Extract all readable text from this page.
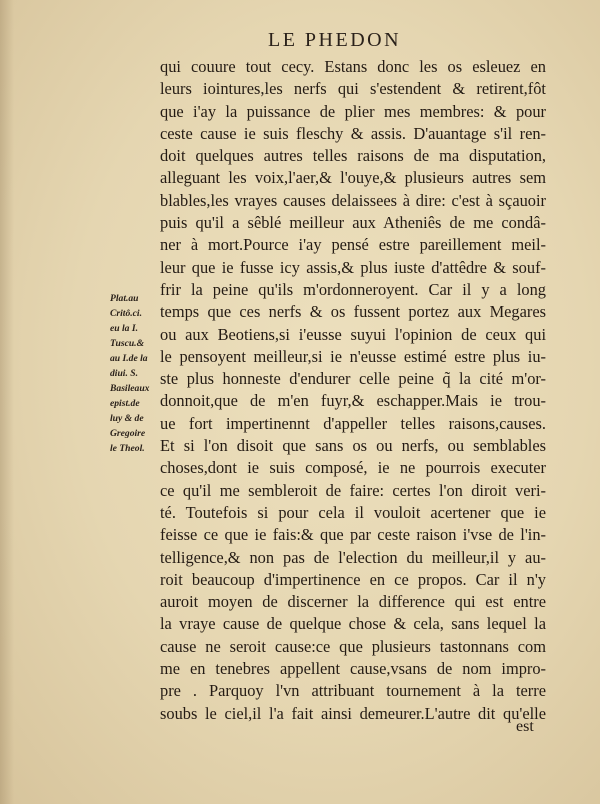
LE PHEDON
Plat.au
Critô.ci.
eu la I.
Tuscu.&
au I.de la
diui. S.
Basileaux
epist.de
luy & de
Gregoire
le Theol.
qui couure tout cecy. Estans donc les os esleuez en
leurs iointures,les nerfs qui s'estendent & retirent,fôt
que i'ay la puissance de plier mes membres: & pour
ceste cause ie suis fleschy & assis. D'auantage s'il ren-
doit quelques autres telles raisons de ma disputation,
alleguant les voix,l'aer,& l'ouye,& plusieurs autres sem
blables,les vrayes causes delaissees à dire: c'est à sçauoir
puis qu'il a sêblé meilleur aux Atheniês de me condâ-
ner à mort.Pource i'ay pensé estre pareillement meil-
leur que ie fusse icy assis,& plus iuste d'attêdre & souf-
frir la peine qu'ils m'ordonneroyent. Car il y a long
temps que ces nerfs & os fussent portez aux Megares
ou aux Beotiens,si i'eusse suyui l'opinion de ceux qui
le pensoyent meilleur,si ie n'eusse estimé estre plus iu-
ste plus honneste d'endurer celle peine q̃ la cité m'or-
donnoit,que de m'en fuyr,& eschapper.Mais ie trou-
ue fort impertinennt d'appeller telles raisons,causes.
Et si l'on disoit que sans os ou nerfs, ou semblables
choses,dont ie suis composé, ie ne pourrois executer
ce qu'il me sembleroit de faire: certes l'on diroit veri-
té. Toutefois si pour cela il vouloit acertener que ie
feisse ce que ie fais:& que par ceste raison i'vse de l'in-
telligence,& non pas de l'election du meilleur,il y au-
roit beaucoup d'impertinence en ce propos. Car il n'y
auroit moyen de discerner la difference qui est entre
la vraye cause de quelque chose & cela, sans lequel la
cause ne seroit cause:ce que plusieurs tastonnans com
me en tenebres appellent cause,vsans de nom impro-
pre . Parquoy l'vn attribuant tournement à la terre
soubs le ciel,il l'a fait ainsi demeurer.L'autre dit qu'elle
est
